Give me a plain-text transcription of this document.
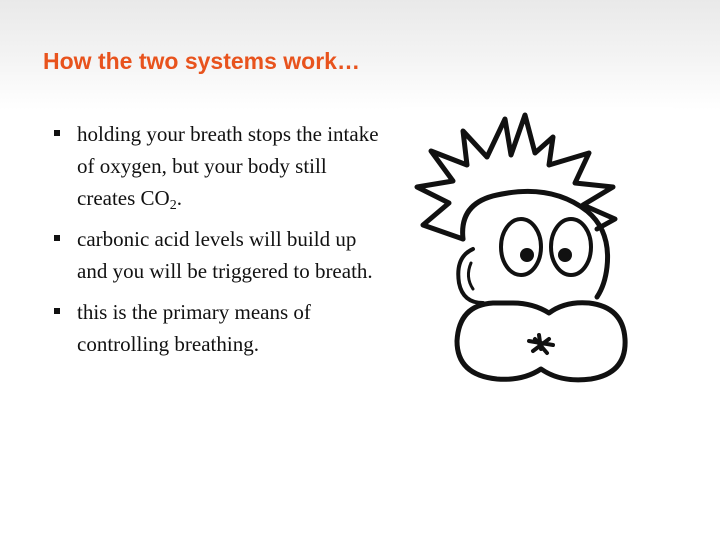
How the two systems work…
holding your breath stops the intake of oxygen, but your body still creates $CO_2$.
carbonic acid levels will build up and you will be triggered to breath.
this is the primary means of controlling breathing.
